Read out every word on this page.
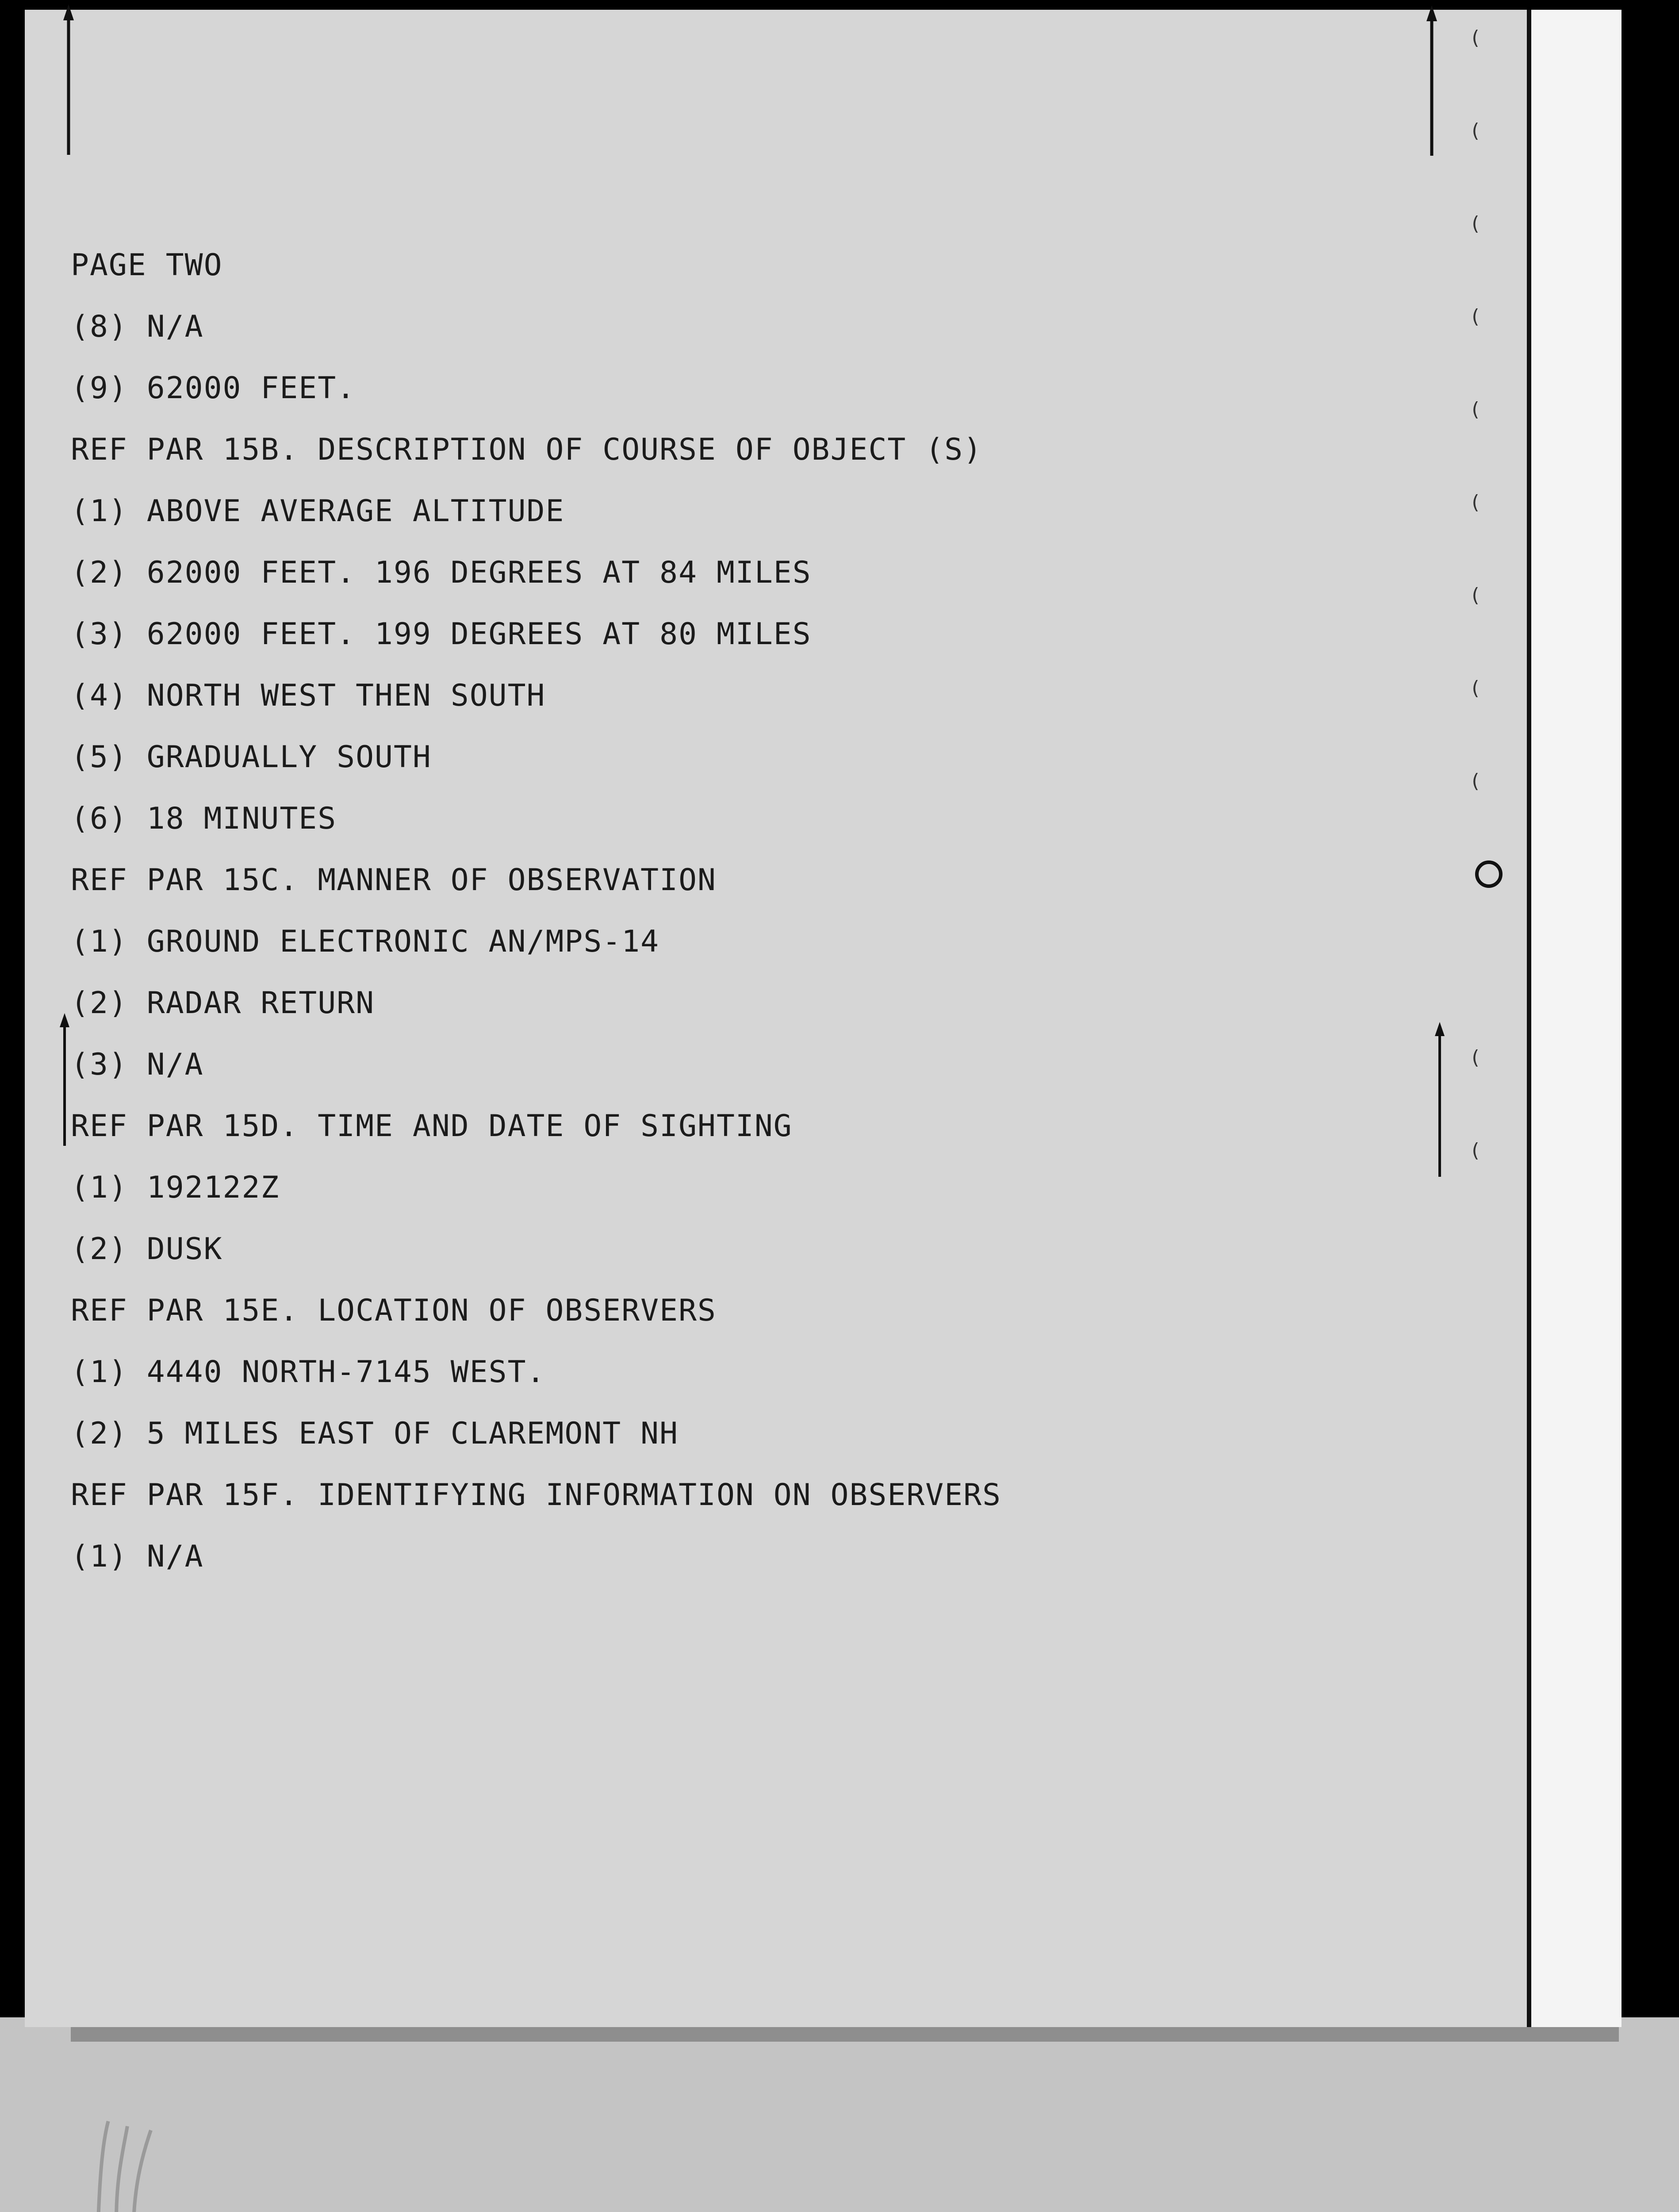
(
(
(
(
(
(
(
(
(
(
(
PAGE TWO
(8) N/A
(9) 62000 FEET.
REF PAR 15B. DESCRIPTION OF COURSE OF OBJECT (S)
(1) ABOVE AVERAGE ALTITUDE
(2) 62000 FEET. 196 DEGREES AT 84 MILES
(3) 62000 FEET. 199 DEGREES AT 80 MILES
(4) NORTH WEST THEN SOUTH
(5) GRADUALLY SOUTH
(6) 18 MINUTES
REF PAR 15C. MANNER OF OBSERVATION
(1) GROUND ELECTRONIC AN/MPS-14
(2) RADAR RETURN
(3) N/A
REF PAR 15D. TIME AND DATE OF SIGHTING
(1) 192122Z
(2) DUSK
REF PAR 15E. LOCATION OF OBSERVERS
(1) 4440 NORTH-7145 WEST.
(2) 5 MILES EAST OF CLAREMONT NH
REF PAR 15F. IDENTIFYING INFORMATION ON OBSERVERS
(1) N/A
